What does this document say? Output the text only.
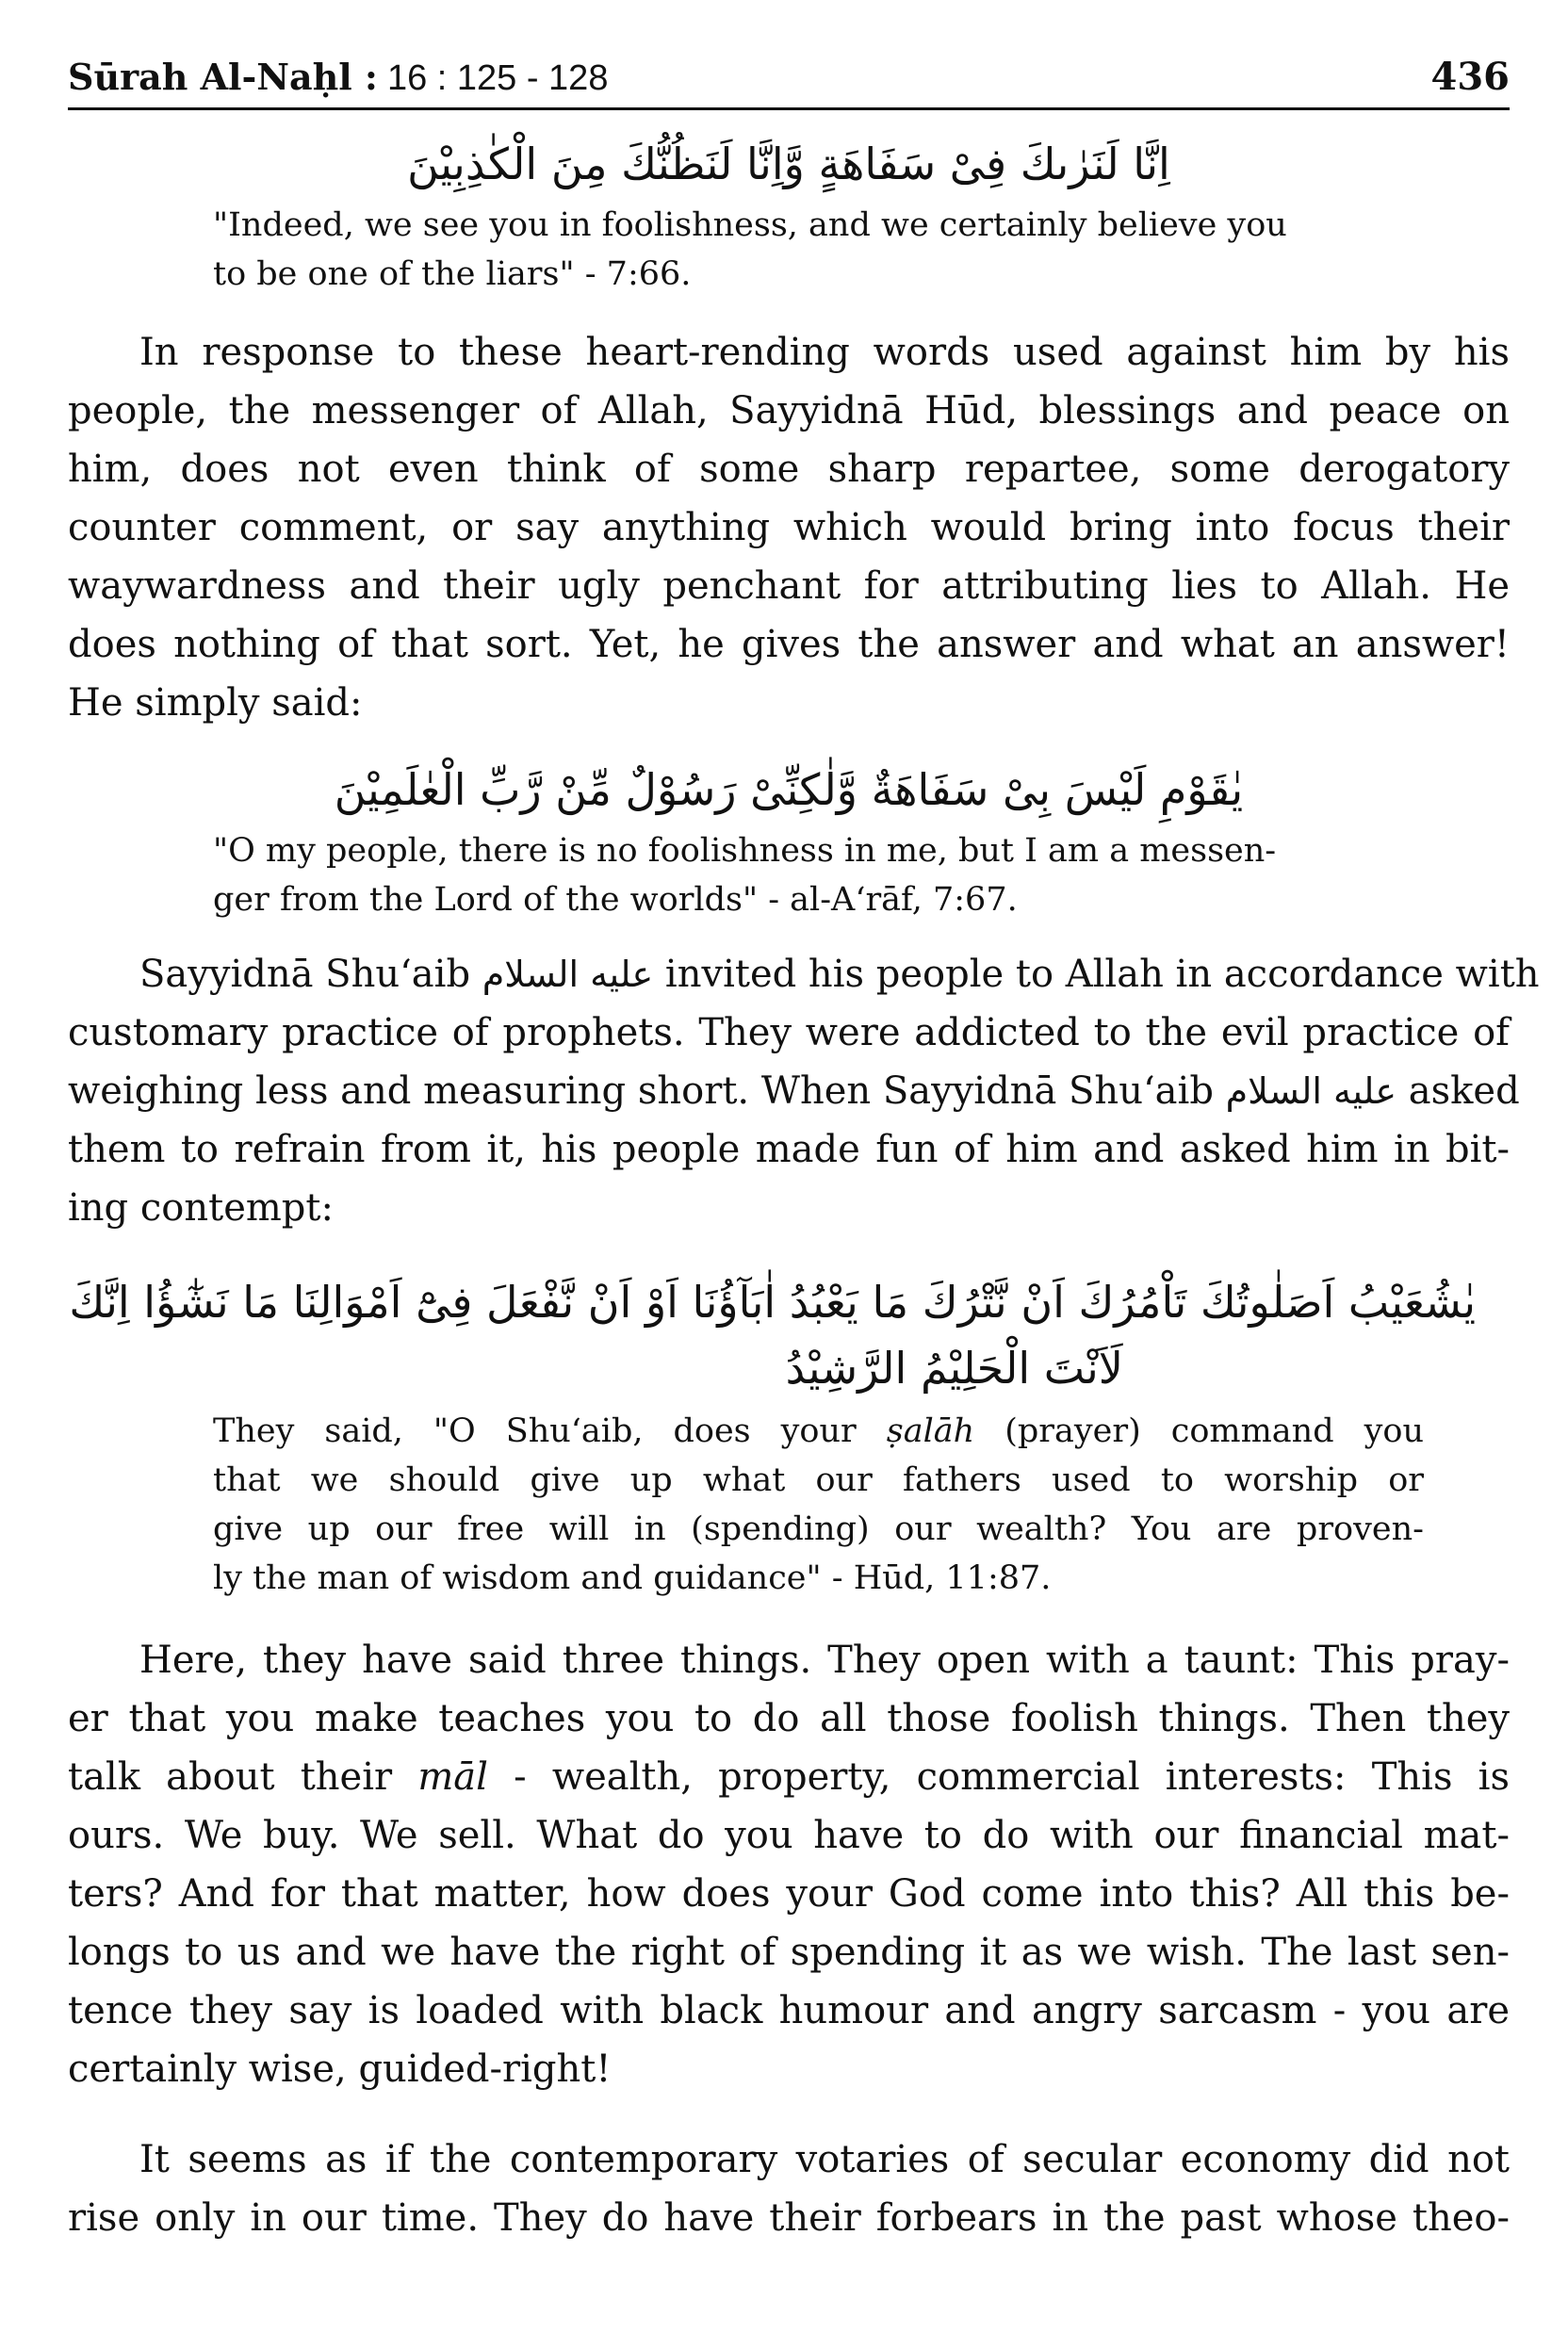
Sūrah Al-Naḥl : 16 : 125 - 128	436
اِنَّا لَنَرٰىكَ فِىْ سَفَاهَةٍ وَّاِنَّا لَنَظُنُّكَ مِنَ الْكٰذِبِيْنَ
"Indeed, we see you in foolishness, and we certainly believe you
to be one of the liars" - 7:66.
In response to these heart-rending words used against him by his
people, the messenger of Allah, Sayyidnā Hūd, blessings and peace on
him, does not even think of some sharp repartee, some derogatory
counter comment, or say anything which would bring into focus their
waywardness and their ugly penchant for attributing lies to Allah. He
does nothing of that sort. Yet, he gives the answer and what an answer!
He simply said:
يٰقَوْمِ لَيْسَ بِىْ سَفَاهَةٌ وَّلٰكِنِّىْ رَسُوْلٌ مِّنْ رَّبِّ الْعٰلَمِيْنَ
"O my people, there is no foolishness in me, but I am a messen-
ger from the Lord of the worlds" - al-A‘rāf, 7:67.
Sayyidnā Shu‘aib عليه السلام invited his people to Allah in accordance with
customary practice of prophets. They were addicted to the evil practice of
weighing less and measuring short. When Sayyidnā Shu‘aib عليه السلام asked
them to refrain from it, his people made fun of him and asked him in bit-
ing contempt:
يٰشُعَيْبُ اَصَلٰوتُكَ تَاْمُرُكَ اَنْ نَّتْرُكَ مَا يَعْبُدُ اٰبَآؤُنَا اَوْ اَنْ نَّفْعَلَ فِىْٓ اَمْوَالِنَا مَا نَشٰٓؤُا اِنَّكَ
لَاَنْتَ الْحَلِيْمُ الرَّشِيْدُ
They said, "O Shu‘aib, does your ṣalāh (prayer) command you
that we should give up what our fathers used to worship or
give up our free will in (spending) our wealth? You are proven-
ly the man of wisdom and guidance" - Hūd, 11:87.
Here, they have said three things. They open with a taunt: This pray-
er that you make teaches you to do all those foolish things. Then they
talk about their māl - wealth, property, commercial interests: This is
ours. We buy. We sell. What do you have to do with our financial mat-
ters? And for that matter, how does your God come into this? All this be-
longs to us and we have the right of spending it as we wish. The last sen-
tence they say is loaded with black humour and angry sarcasm - you are
certainly wise, guided-right!
It seems as if the contemporary votaries of secular economy did not
rise only in our time. They do have their forbears in the past whose theo-
